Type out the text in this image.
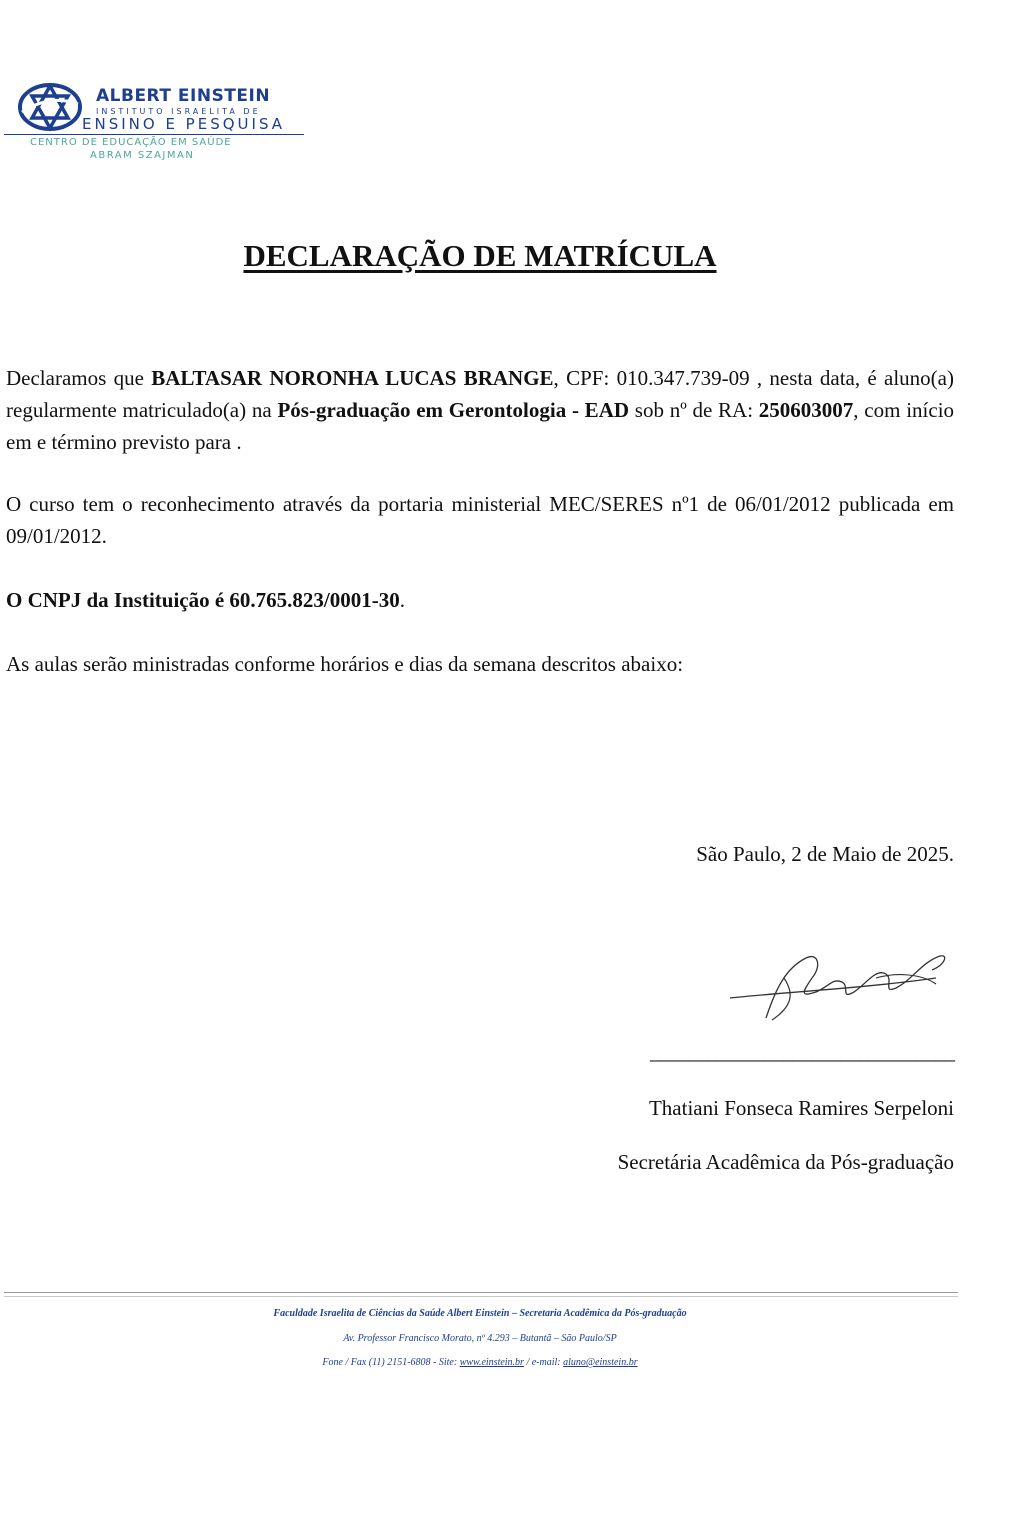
ALBERT EINSTEIN
INSTITUTO ISRAELITA DE
ENSINO E PESQUISA
CENTRO DE EDUCAÇÃO EM SAÚDE
ABRAM SZAJMAN
DECLARAÇÃO DE MATRÍCULA

Declaramos que BALTASAR NORONHA LUCAS BRANGE, CPF: 010.347.739-09 , nesta data, é aluno(a) regularmente matriculado(a) na Pós-graduação em Gerontologia - EAD sob nº de RA: 250603007, com início em e término previsto para .

O curso tem o reconhecimento através da portaria ministerial MEC/SERES nº1 de 06/01/2012 publicada em 09/01/2012.

O CNPJ da Instituição é 60.765.823/0001-30.

As aulas serão ministradas conforme horários e dias da semana descritos abaixo:

São Paulo, 2 de Maio de 2025.

________________________________

Thatiani Fonseca Ramires Serpeloni

Secretária Acadêmica da Pós-graduação

Faculdade Israelita de Ciências da Saúde Albert Einstein – Secretaria Acadêmica da Pós-graduação

Av. Professor Francisco Morato, nº 4.293 – Butantã – São Paulo/SP

Fone / Fax (11) 2151-6808 - Site: www.einstein.br / e-mail: aluno@einstein.br
